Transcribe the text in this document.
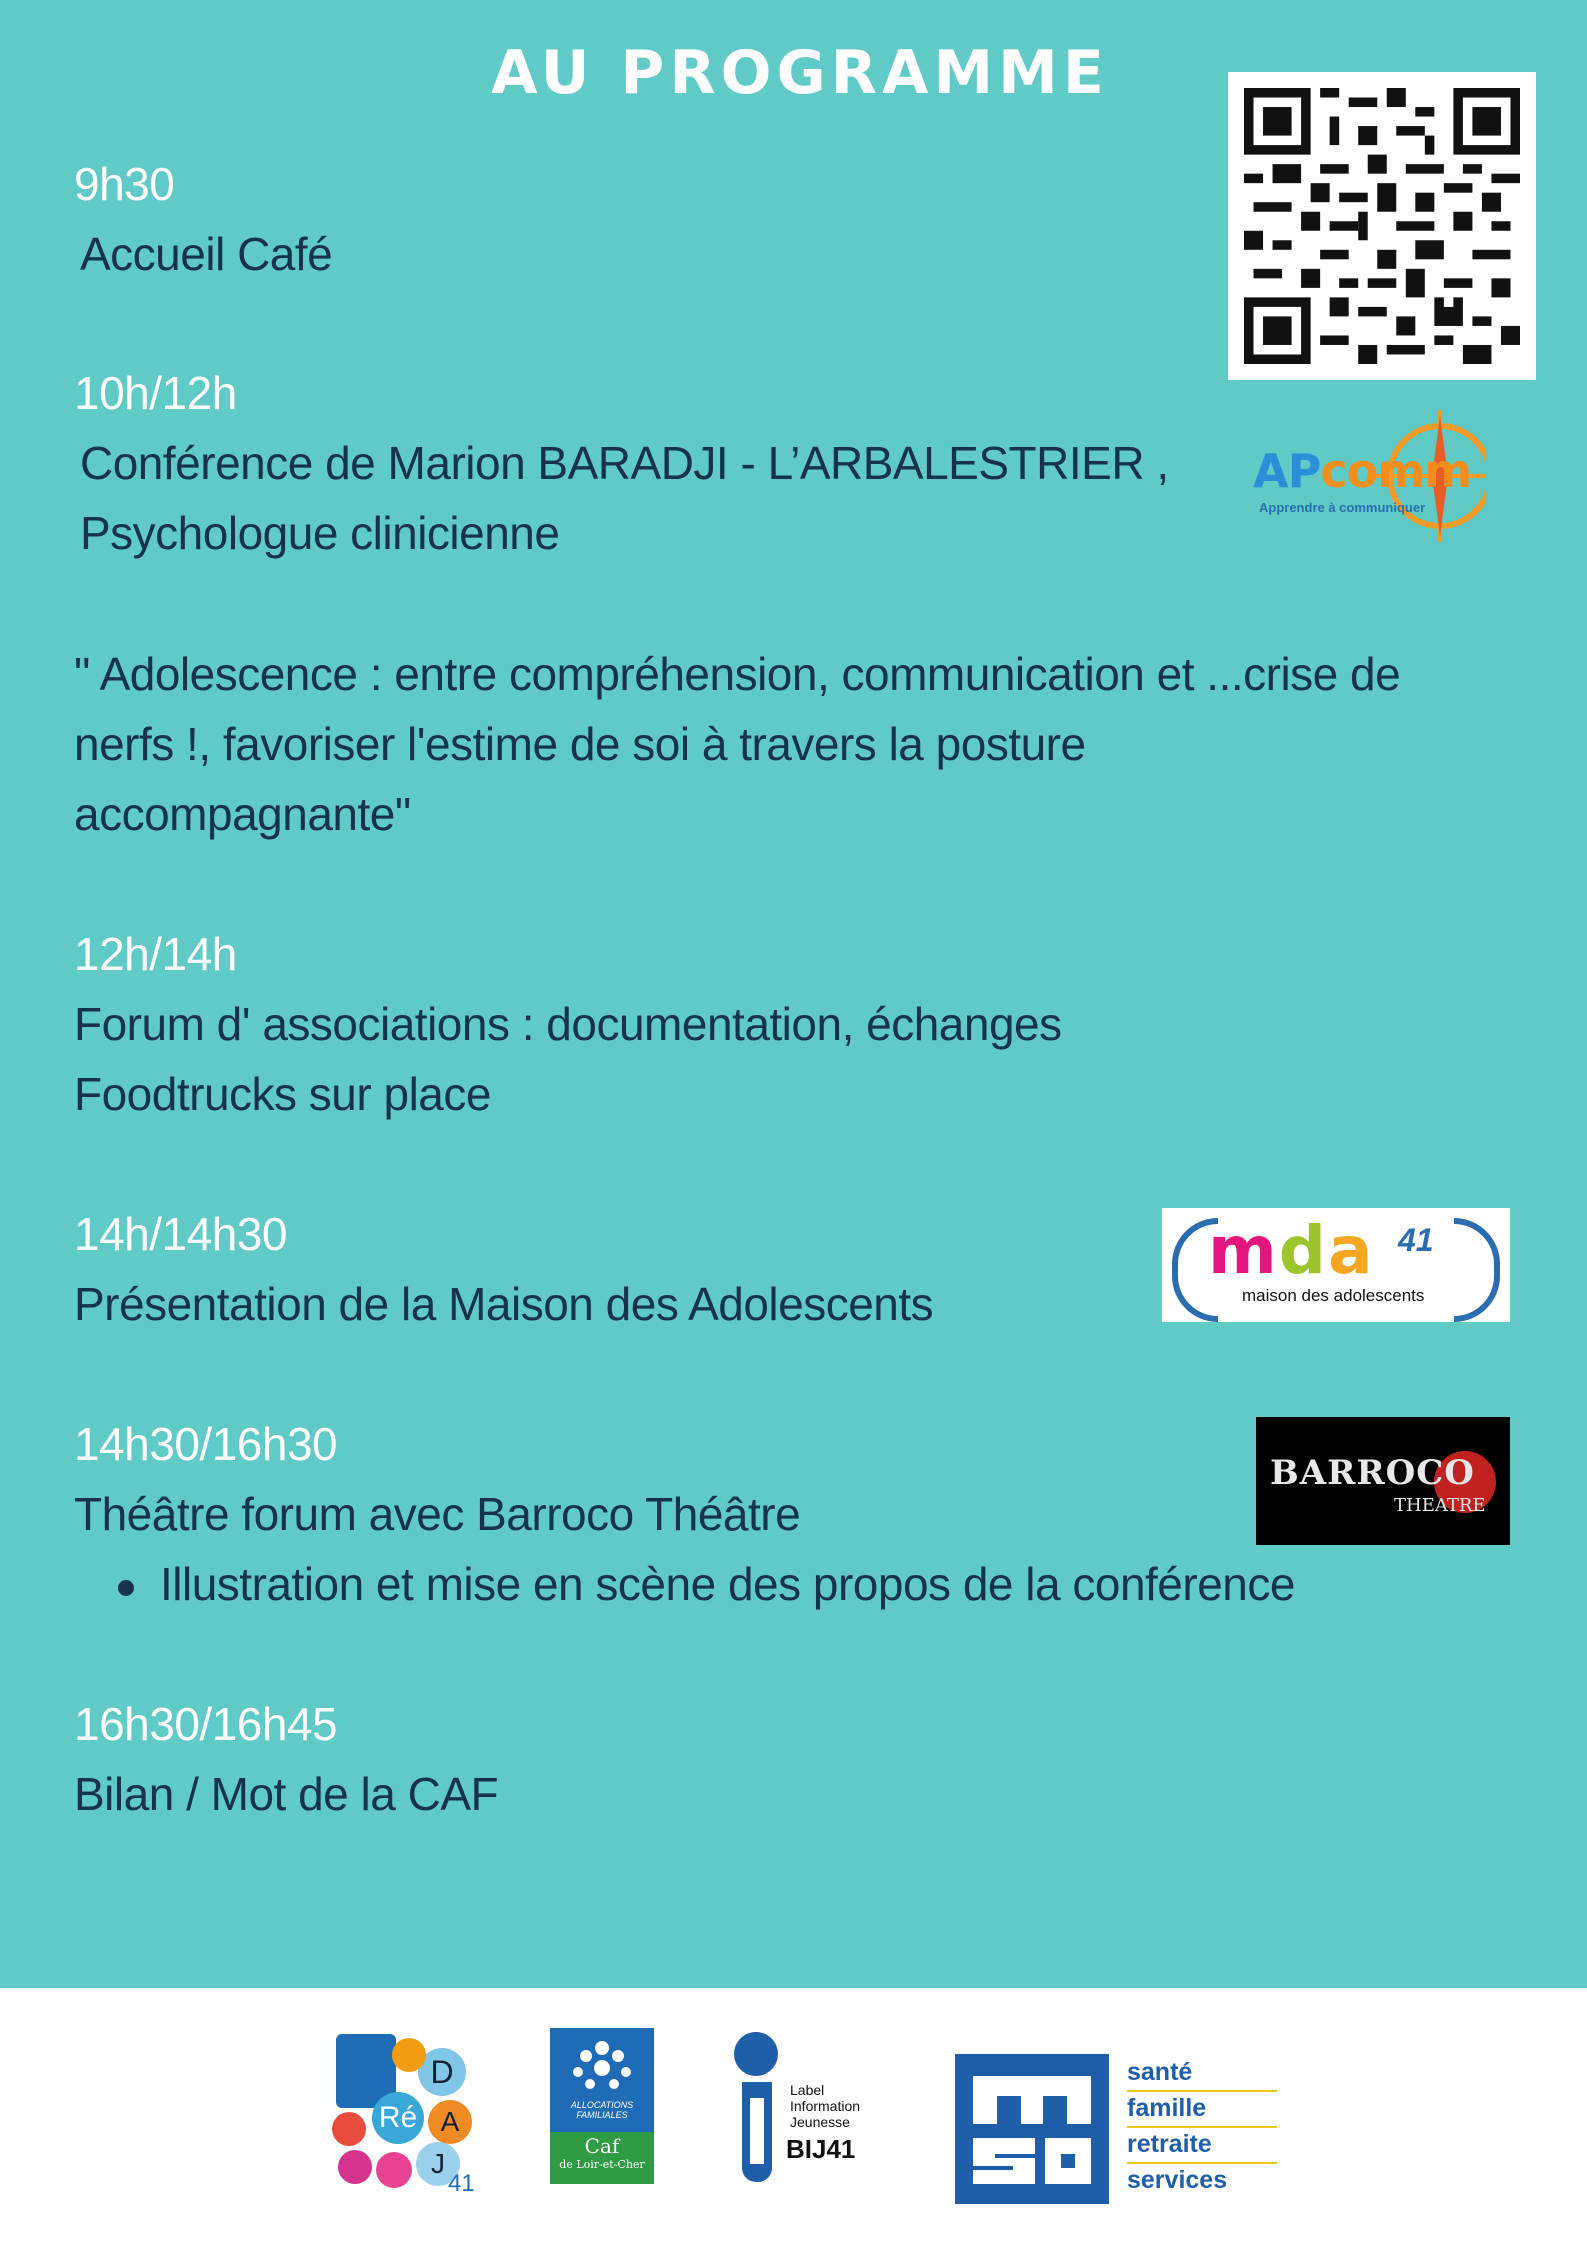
AU PROGRAMME
9h30
Accueil Café
10h/12h
Conférence de Marion BARADJI - L’ARBALESTRIER ,
Psychologue clinicienne
" Adolescence : entre compréhension, communication et ...crise de
nerfs !, favoriser l'estime de soi à travers la posture
accompagnante"
12h/14h
Forum d' associations : documentation, échanges
Foodtrucks sur place
14h/14h30
Présentation de la Maison des Adolescents
14h30/16h30
Théâtre forum avec Barroco Théâtre
Illustration et mise en scène des propos de la conférence
16h30/16h45
Bilan / Mot de la CAF
APcomm
Apprendre à communiquer
mda 41
maison des adolescents
BARROCO
THEATRE
D
Ré A
J
41
ALLOCATIONS FAMILIALES
Caf
de Loir-et-Cher
Label
Information
Jeunesse
BIJ41
santé
famille
retraite
services
